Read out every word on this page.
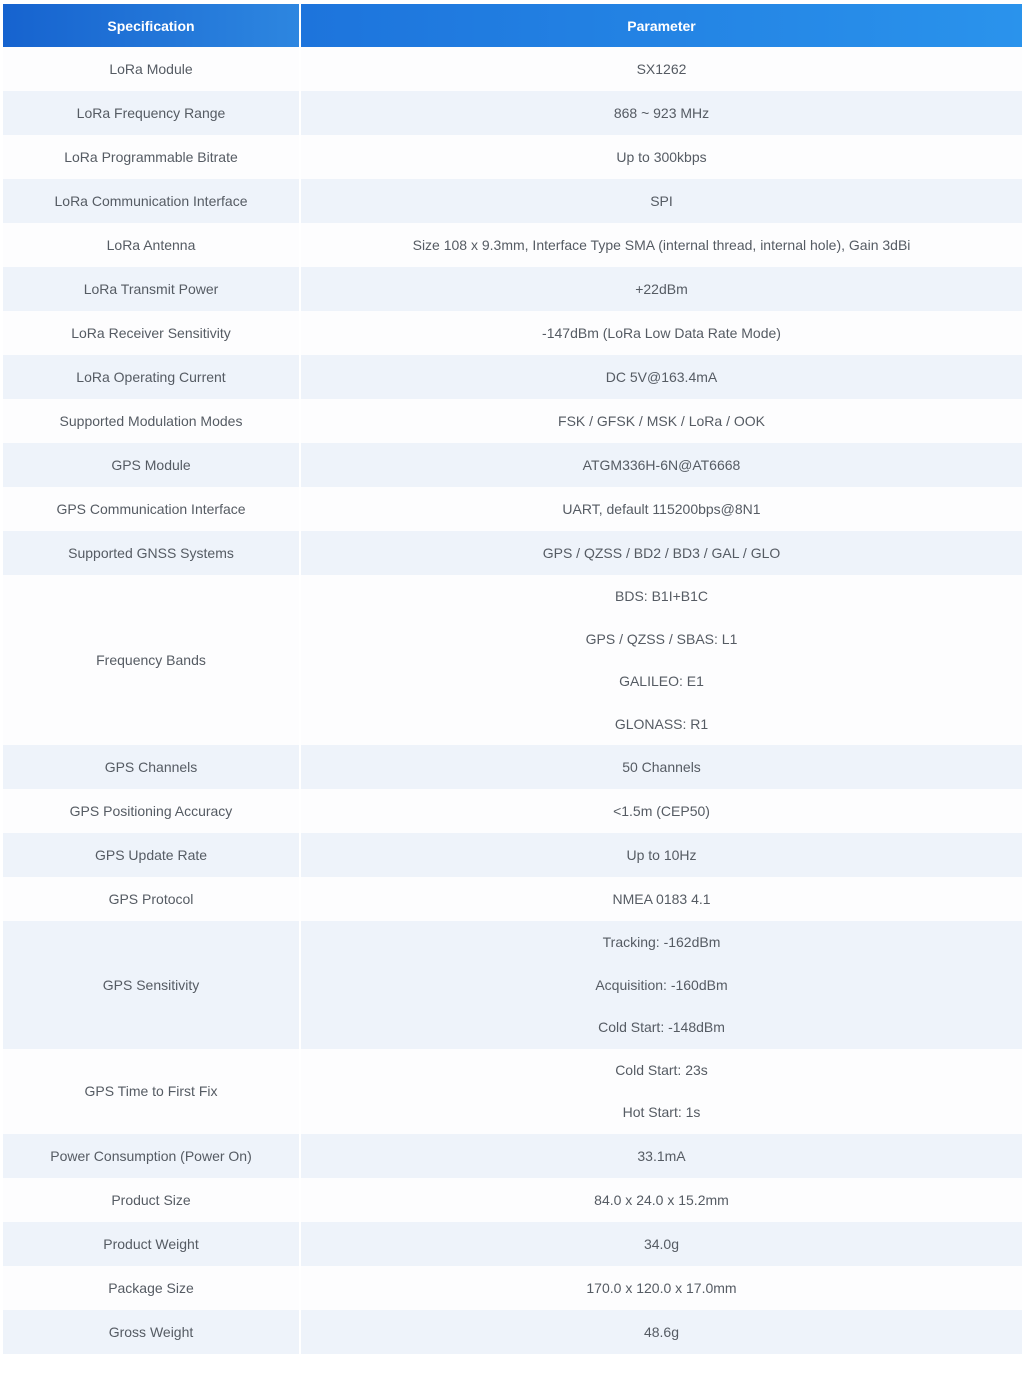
Specification	Parameter
LoRa Module	SX1262
LoRa Frequency Range	868 ~ 923 MHz
LoRa Programmable Bitrate	Up to 300kbps
LoRa Communication Interface	SPI
LoRa Antenna	Size 108 x 9.3mm, Interface Type SMA (internal thread, internal hole), Gain 3dBi
LoRa Transmit Power	+22dBm
LoRa Receiver Sensitivity	-147dBm (LoRa Low Data Rate Mode)
LoRa Operating Current	DC 5V@163.4mA
Supported Modulation Modes	FSK / GFSK / MSK / LoRa / OOK
GPS Module	ATGM336H-6N@AT6668
GPS Communication Interface	UART, default 115200bps@8N1
Supported GNSS Systems	GPS / QZSS / BD2 / BD3 / GAL / GLO
Frequency Bands	BDS: B1I+B1C
GPS / QZSS / SBAS: L1
GALILEO: E1
GLONASS: R1

GPS Channels	50 Channels
GPS Positioning Accuracy	<1.5m (CEP50)
GPS Update Rate	Up to 10Hz
GPS Protocol	NMEA 0183 4.1
GPS Sensitivity	Tracking: -162dBm
Acquisition: -160dBm
Cold Start: -148dBm

GPS Time to First Fix	Cold Start: 23s
Hot Start: 1s

Power Consumption (Power On)	33.1mA
Product Size	84.0 x 24.0 x 15.2mm
Product Weight	34.0g
Package Size	170.0 x 120.0 x 17.0mm
Gross Weight	48.6g
